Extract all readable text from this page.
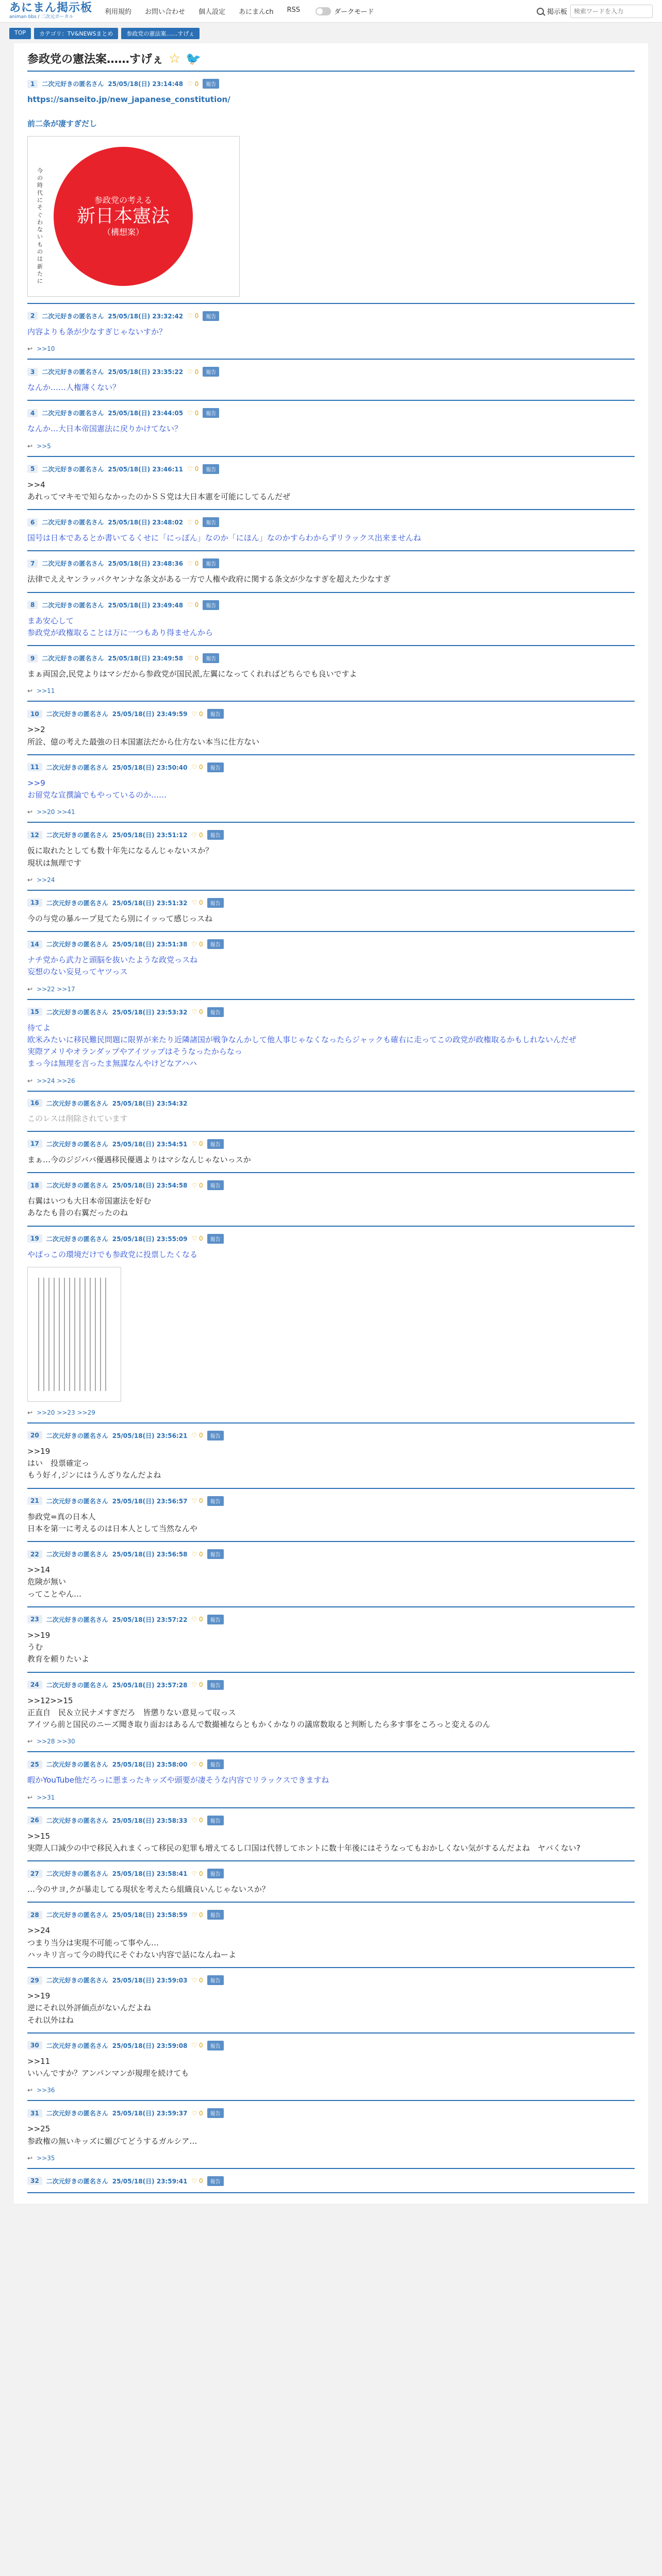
あにまん掲示板
animan bbs / 二次元ポータル
利用規約 お問い合わせ 個人設定 あにまんch RSS	ダークモード	掲示板
検索ワードを入力
TOP	カテゴリ：TV&NEWSまとめ	参政党の憲法案……すげぇ
参政党の憲法案……すげぇ ☆ 🐦
1	二次元好きの匿名さん 25/05/18(日) 23:14:48 ♡ 0	報告
https://sanseito.jp/new_japanese_constitution/

前二条が凄すぎだし
今の時代にそぐわないものは新たに
参政党の考える
新日本憲法
（構想案）
2	二次元好きの匿名さん 25/05/18(日) 23:32:42 ♡ 0	報告
内容よりも条が少なすぎじゃないすか？
↩ >>10
3	二次元好きの匿名さん 25/05/18(日) 23:35:22 ♡ 0	報告
なんか……人権薄くない？
4	二次元好きの匿名さん 25/05/18(日) 23:44:05 ♡ 0	報告
なんか…大日本帝国憲法に戻りかけてない？
↩ >>5
5	二次元好きの匿名さん 25/05/18(日) 23:46:11 ♡ 0	報告
>>4
あれってマキモで知らなかったのかＳＳ党は大日本憲を可能にしてるんだぜ
6	二次元好きの匿名さん 25/05/18(日) 23:48:02 ♡ 0	報告
国号は日本であるとか書いてるくせに「にっぽん」なのか「にほん」なのかすらわからずリラックス出来ませんね
7	二次元好きの匿名さん 25/05/18(日) 23:48:36 ♡ 0	報告
法律でええヤンラッパクヤンナな条文がある一方で人権や政府に関する条文が少なすぎを超えた少なすぎ
8	二次元好きの匿名さん 25/05/18(日) 23:49:48 ♡ 0	報告
まあ安心して
参政党が政権取ることは万に一つもあり得ませんから
9	二次元好きの匿名さん 25/05/18(日) 23:49:58 ♡ 0	報告
まぁ両国会,民党よりはマシだから参政党が国民派,左翼になってくれればどちらでも良いですよ
↩ >>11
10	二次元好きの匿名さん 25/05/18(日) 23:49:59 ♡ 0	報告
>>2
所詮、億の考えた最強の日本国憲法だから仕方ない本当に仕方ない
11	二次元好きの匿名さん 25/05/18(日) 23:50:40 ♡ 0	報告
>>9
お留党な宣撰論でもやっているのか……
↩ >>20 >>41
12	二次元好きの匿名さん 25/05/18(日) 23:51:12 ♡ 0	報告
仮に取れたとしても数十年先になるんじゃないスか？
現状は無理です
↩ >>24
13	二次元好きの匿名さん 25/05/18(日) 23:51:32 ♡ 0	報告
今の与党の暴ループ見てたら別にイッって感じっスね
14	二次元好きの匿名さん 25/05/18(日) 23:51:38 ♡ 0	報告
ナチ党から武力と頭脳を抜いたような政党っスね
妄想のない妄見ってヤツっス
↩ >>22 >>17
15	二次元好きの匿名さん 25/05/18(日) 23:53:32 ♡ 0	報告
待てよ
欧米みたいに移民難民問題に限界が来たり近隣諸国が戦争なんかして他人事じゃなくなったらジャックも確右に走ってこの政党が政権取るかもしれないんだぜ
実際アメリやオランダップやアイツップはそうなったからなっ
まっ今は無理を言ったま無謀なんやけどなアハハ
↩ >>24 >>26
16	二次元好きの匿名さん 25/05/18(日) 23:54:32
このレスは削除されています
17	二次元好きの匿名さん 25/05/18(日) 23:54:51 ♡ 0	報告
まぁ…今のジジババ優遇移民優遇よりはマシなんじゃないっスか
18	二次元好きの匿名さん 25/05/18(日) 23:54:58 ♡ 0	報告
右翼はいつも大日本帝国憲法を好む
あなたも昔の右翼だったのね
19	二次元好きの匿名さん 25/05/18(日) 23:55:09 ♡ 0	報告
やばっこの環境だけでも参政党に投票したくなる
↩ >>20 >>23 >>29
20	二次元好きの匿名さん 25/05/18(日) 23:56:21 ♡ 0	報告
>>19
はい　投票確定っ
もう好イ,ジンにはうんざりなんだよね
21	二次元好きの匿名さん 25/05/18(日) 23:56:57 ♡ 0	報告
参政党=真の日本人
日本を第一に考えるのは日本人として当然なんや
22	二次元好きの匿名さん 25/05/18(日) 23:56:58 ♡ 0	報告
>>14
危険が無い
ってことやん…
23	二次元好きの匿名さん 25/05/18(日) 23:57:22 ♡ 0	報告
>>19
うむ
教育を頼りたいよ
24	二次元好きの匿名さん 25/05/18(日) 23:57:28 ♡ 0	報告
>>12>>15
正直自　民＆立民ナメすぎだろ　皆懲りない意見って収っス
アイツら前と国民のニーズ聞き取り面おはあるんで数撮補ならともかくかなりの議席数取ると判断したら多す事をころっと変えるのん
↩ >>28 >>30
25	二次元好きの匿名さん 25/05/18(日) 23:58:00 ♡ 0	報告
暇かYouTube他だろっに悪まったキッズや頭要が凄そうな内容でリラックスできますね
↩ >>31
26	二次元好きの匿名さん 25/05/18(日) 23:58:33 ♡ 0	報告
>>15
実際人口減少の中で移民入れまくって移民の犯罪も増えてるし口国は代替してホントに数十年後にはそうなってもおかしくない気がするんだよね　ヤバくない?
27	二次元好きの匿名さん 25/05/18(日) 23:58:41 ♡ 0	報告
…今のサヨ,クが暴走してる現状を考えたら組織良いんじゃないスか？
28	二次元好きの匿名さん 25/05/18(日) 23:58:59 ♡ 0	報告
>>24
つまり当分は実現不可能って事やん…
ハッキリ言って今の時代にそぐわない内容で話になんねーよ
29	二次元好きの匿名さん 25/05/18(日) 23:59:03 ♡ 0	報告
>>19
逆にそれ以外評価点がないんだよね
それ以外はね
30	二次元好きの匿名さん 25/05/18(日) 23:59:08 ♡ 0	報告
>>11
いいんですか？アンパンマンが規理を続けても
↩ >>36
31	二次元好きの匿名さん 25/05/18(日) 23:59:37 ♡ 0	報告
>>25
参政権の無いキッズに媚びてどうするガルシア…
↩ >>35
32	二次元好きの匿名さん 25/05/18(日) 23:59:41 ♡ 0	報告
